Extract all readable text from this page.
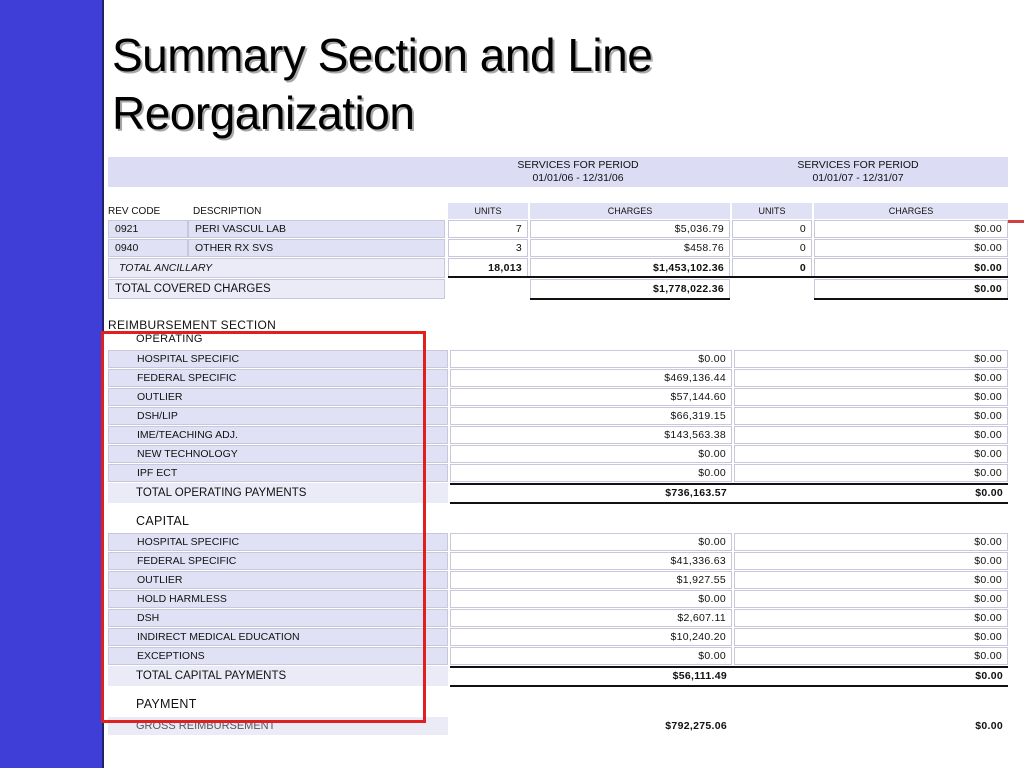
Summary Section and Line
Reorganization
SERVICES FOR PERIOD
01/01/06 - 12/31/06
SERVICES FOR PERIOD
01/01/07 - 12/31/07
REV CODE	DESCRIPTION	UNITS	CHARGES	UNITS	CHARGES
0921	PERI VASCUL LAB	7	$5,036.79	0	$0.00
0940	OTHER RX SVS	3	$458.76	0	$0.00
TOTAL ANCILLARY	18,013	$1,453,102.36	0	$0.00
TOTAL COVERED CHARGES	$1,778,022.36	$0.00
REIMBURSEMENT SECTION
OPERATING
HOSPITAL SPECIFIC	$0.00	$0.00
FEDERAL SPECIFIC	$469,136.44	$0.00
OUTLIER	$57,144.60	$0.00
DSH/LIP	$66,319.15	$0.00
IME/TEACHING ADJ.	$143,563.38	$0.00
NEW TECHNOLOGY	$0.00	$0.00
IPF ECT	$0.00	$0.00
TOTAL OPERATING PAYMENTS	$736,163.57	$0.00
CAPITAL
HOSPITAL SPECIFIC	$0.00	$0.00
FEDERAL SPECIFIC	$41,336.63	$0.00
OUTLIER	$1,927.55	$0.00
HOLD HARMLESS	$0.00	$0.00
DSH	$2,607.11	$0.00
INDIRECT MEDICAL EDUCATION	$10,240.20	$0.00
EXCEPTIONS	$0.00	$0.00
TOTAL CAPITAL PAYMENTS	$56,111.49	$0.00
PAYMENT
GROSS REIMBURSEMENT	$792,275.06	$0.00
